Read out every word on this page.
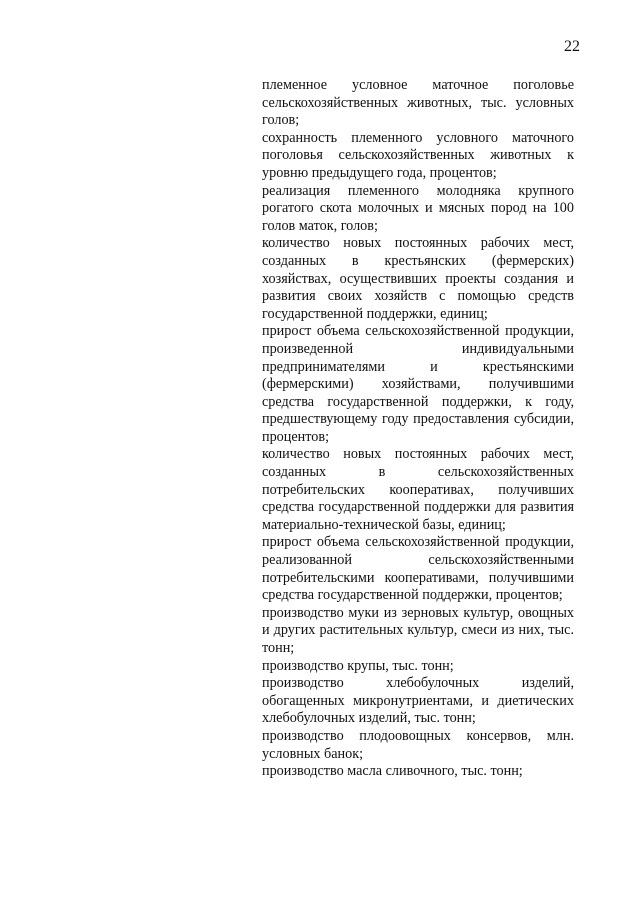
22

племенное условное маточное поголовье сельскохозяйственных животных, тыс. условных голов;

сохранность племенного условного маточного поголовья сельскохозяйственных животных к уровню предыдущего года, процентов;

реализация племенного молодняка крупного рогатого скота молочных и мясных пород на 100 голов маток, голов;

количество новых постоянных рабочих мест, созданных в крестьянских (фермерских) хозяйствах, осуществивших проекты создания и развития своих хозяйств с помощью средств государственной поддержки, единиц;

прирост объема сельскохозяйственной продукции, произведенной индивидуальными предпринимателями и крестьянскими (фермерскими) хозяйствами, получившими средства государственной поддержки, к году, предшествующему году предоставления субсидии, процентов;

количество новых постоянных рабочих мест, созданных в сельскохозяйственных потребительских кооперативах, получивших средства государственной поддержки для развития материально-технической базы, единиц;

прирост объема сельскохозяйственной продукции, реализованной сельскохозяйственными потребительскими кооперативами, получившими средства государственной поддержки, процентов;

производство муки из зерновых культур, овощных и других растительных культур, смеси из них, тыс. тонн;

производство крупы, тыс. тонн;

производство хлебобулочных изделий, обогащенных микронутриентами, и диетических хлебобулочных изделий, тыс. тонн;

производство плодоовощных консервов, млн. условных банок;

производство масла сливочного, тыс. тонн;
